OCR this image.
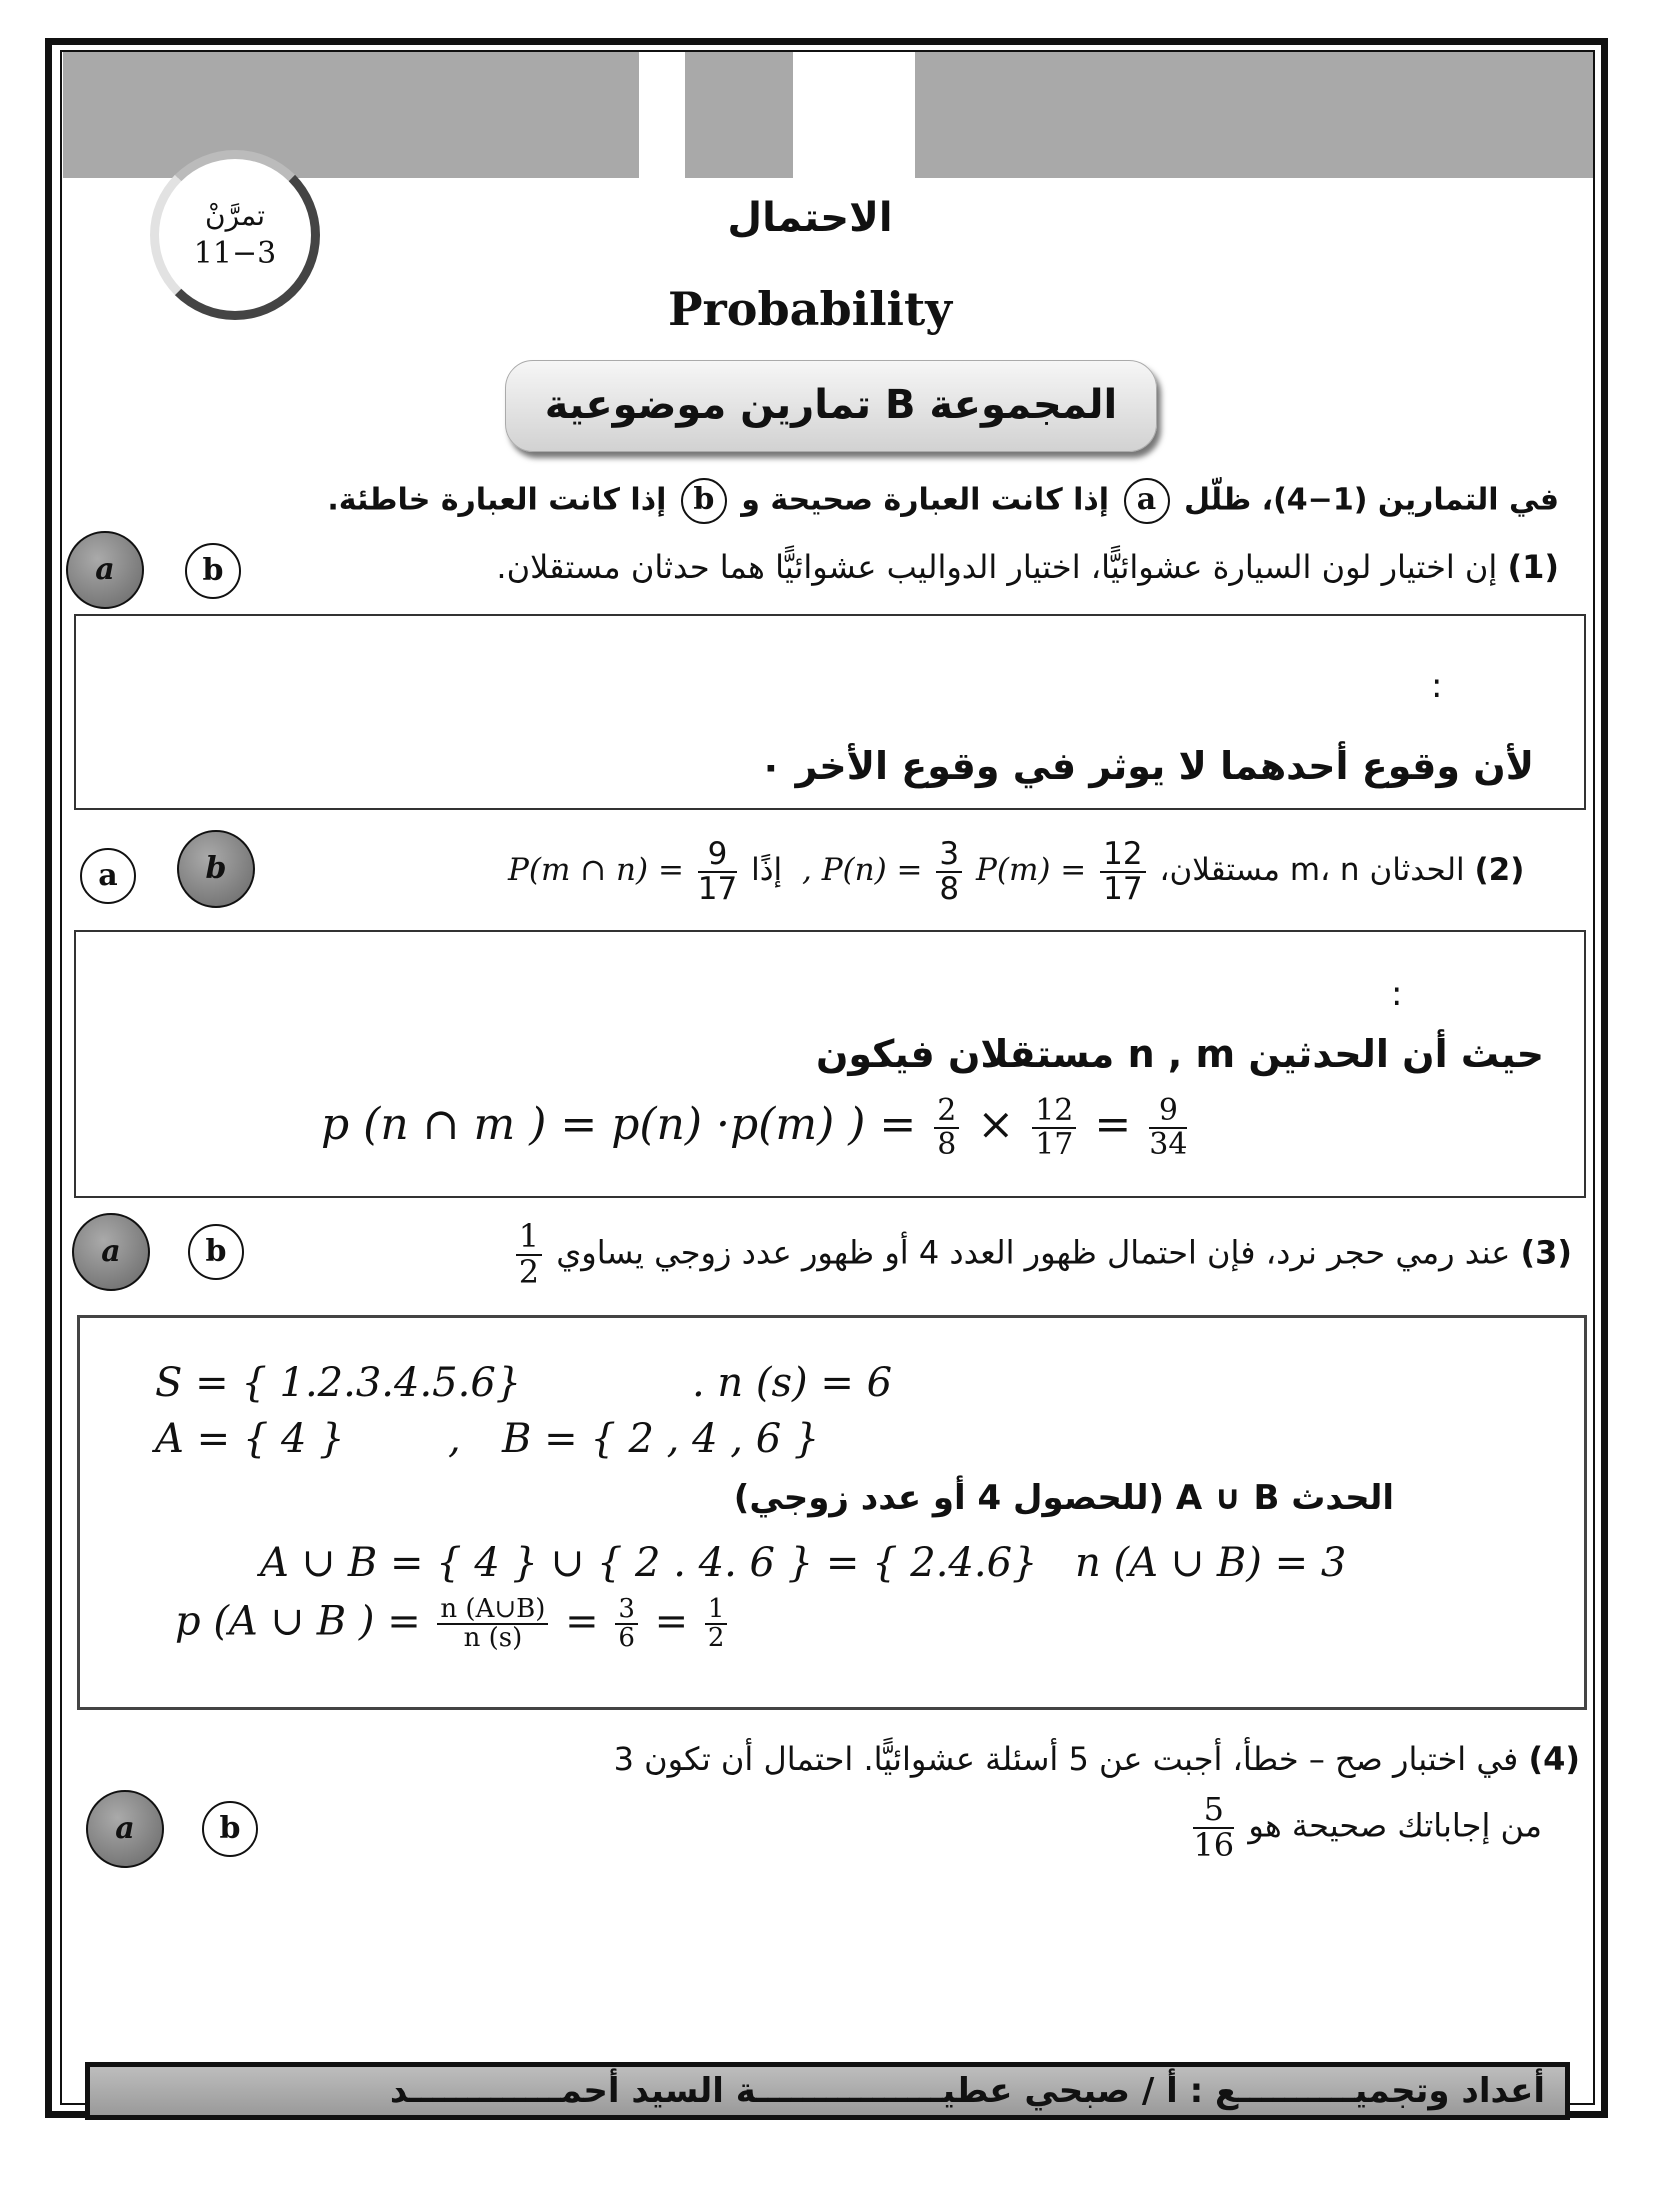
تمرَّنْ
11−3
الاحتمال
Probability
المجموعة B تمارين موضوعية
في التمارين (1−4)، ظلّل a إذا كانت العبارة صحيحة و b إذا كانت العبارة خاطئة.
a	b	(1) إن اختيار لون السيارة عشوائيًّا، اختيار الدواليب عشوائيًّا هما حدثان مستقلان.
:
لأن وقوع أحدهما لا يوثر في وقوع الأخر ٠
a	b	P(m ∩ $n) = \frac{9}{17}$ إذًا , $P(n) = \frac{3}{8} P(m) = \frac{12}{17}$ الحدثان m، n مستقلان، (2)
:
حيث أن الحدثين n , m مستقلان فيكون
p (n ∩ m ) = p(n) ·p(m) ) = $\frac{2}{8} \times \frac{12}{17} = \frac{9}{34}$
a	b	(3) عند رمي حجر نرد، فإن احتمال ظهور العدد 4 أو ظهور عدد زوجي يساوي
$\frac{1}{2}$
S = { 1.2.3.4.5.6}	. n (s) = 6
A = { 4 }	, B = { 2 , 4 , 6 }
الحدث A ∪ B (للحصول 4 أو عدد زوجي)
A ∪ B = { 4 } ∪ { 2 . 4. 6 } = { 2.4.6} n (A ∪ B) = 3
p (A ∪ B ) = $\frac{n (A\cup B)}{n (s)} = \frac{3}{6} = \frac{1}{2}$
a	b
(4) في اختبار صح – خطأ، أجبت عن 5 أسئلة عشوائيًّا. احتمال أن تكون 3
من إجاباتك صحيحة هو
$\frac{5}{16}$
أعداد وتجميــــــــــع : أ / صبحي عطيــــــــــــــــة السيد أحمـــــــــــــد
